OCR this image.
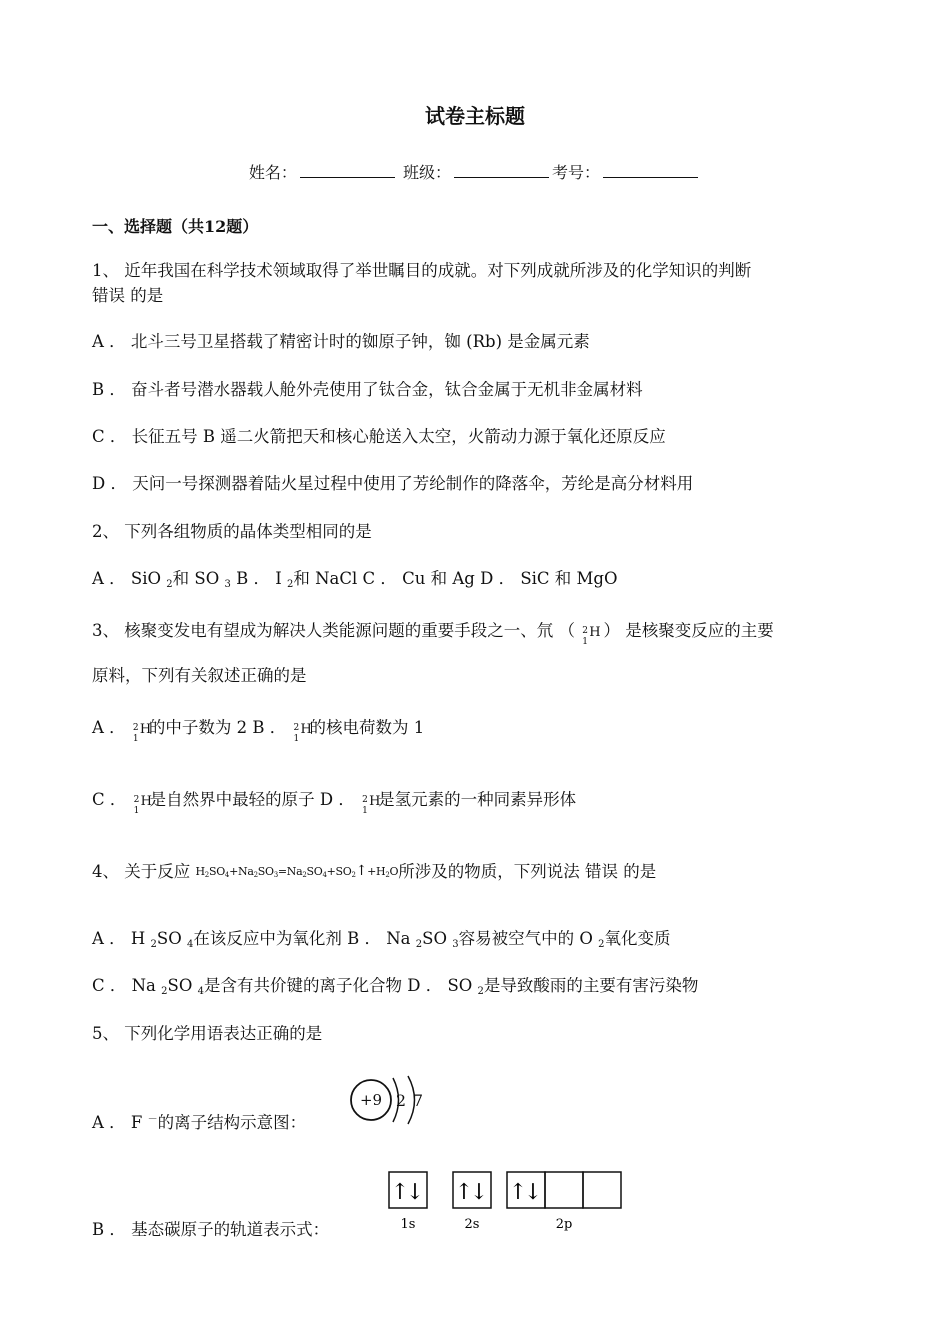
试卷主标题
姓名：	班级：	考号：
一、选择题（共12题）
1、 近年我国在科学技术领域取得了举世瞩目的成就。对下列成就所涉及的化学知识的判断
错误 的是
A ． 北斗三号卫星搭载了精密计时的铷原子钟，铷 (Rb) 是金属元素
B ． 奋斗者号潜水器载人舱外壳使用了钛合金，钛合金属于无机非金属材料
C ． 长征五号 B 遥二火箭把天和核心舱送入太空，火箭动力源于氧化还原反应
D ． 天问一号探测器着陆火星过程中使用了芳纶制作的降落伞，芳纶是高分材料用
2、 下列各组物质的晶体类型相同的是
A ． SiO $_2$和 SO $_3$ B ． I $_2$和 NaCl C ． Cu 和 Ag D ． SiC 和 MgO
3、 核聚变发电有望成为解决人类能源问题的重要手段之一、氘 （ 2
1
H ） 是核聚变反应的主要
原料，下列有关叙述正确的是
A ． 2
1
H
的中子数为 2 B ． 2
1
H
的核电荷数为 1
C ． 2
1
H
是自然界中最轻的原子 D ． 2
1
H
是氢元素的一种同素异形体
4、 关于反应 H2SO4+Na2SO3=Na2SO4+SO2↑+H2O所涉及的物质，下列说法 错误 的是
A ． H $_2$SO $_4$在该反应中为氧化剂 B ． Na $_2$SO $_3$容易被空气中的 O $_2$氧化变质
C ． Na $_2$SO $_4$是含有共价键的离子化合物 D ． SO $_2$是导致酸雨的主要有害污染物
5、 下列化学用语表达正确的是
A ． F －的离子结构示意图：
+9 2 7
B ． 基态碳原子的轨道表示式：
↑
↓
1s
↑
↓
2s
↑
↓
2p
